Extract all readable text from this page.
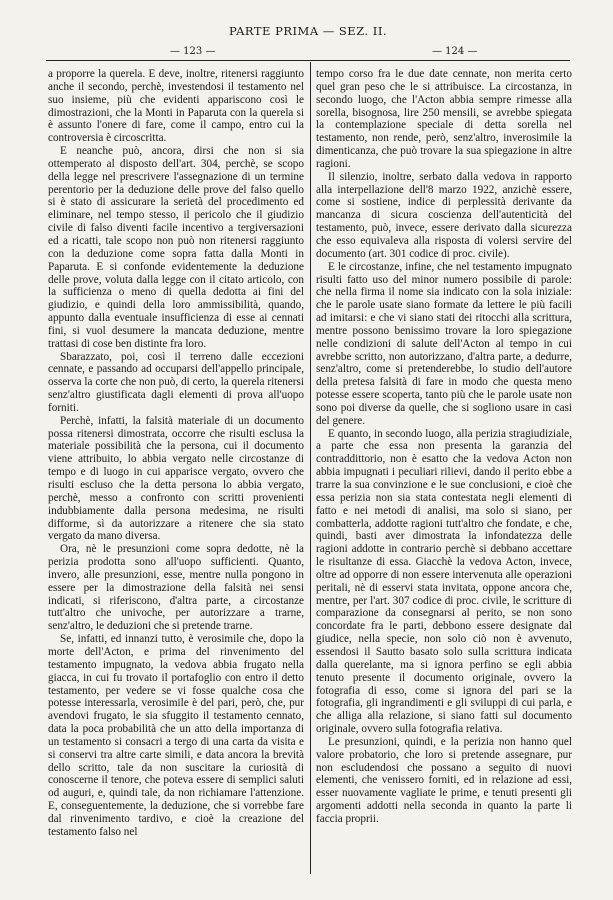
PARTE PRIMA — SEZ. II.
— 123 —	— 124 —

a proporre la querela. E deve, inoltre, ritenersi raggiunto anche il secondo, perchè, investendosi il testamento nel suo insieme, più che evidenti appariscono così le dimostrazioni, che la Monti in Paparuta con la querela si è assunto l'onere di fare, come il campo, entro cui la controversia è circoscritta.

E neanche può, ancora, dirsi che non si sia ottemperato al disposto dell'art. 304, perchè, se scopo della legge nel prescrivere l'assegnazione di un termine perentorio per la deduzione delle prove del falso quello si è stato di assicurare la serietà del procedimento ed eliminare, nel tempo stesso, il pericolo che il giudizio civile di falso diventi facile incentivo a tergiversazioni ed a ricatti, tale scopo non può non ritenersi raggiunto con la deduzione come sopra fatta dalla Monti in Paparuta. E si confonde evidentemente la deduzione delle prove, voluta dalla legge con il citato articolo, con la sufficienza o meno di quella dedotta ai fini del giudizio, e quindi della loro ammissibilità, quando, appunto dalla eventuale insufficienza di esse ai cennati fini, si vuol desumere la mancata deduzione, mentre trattasi di cose ben distinte fra loro.

Sbarazzato, poi, così il terreno dalle eccezioni cennate, e passando ad occuparsi dell'appello principale, osserva la corte che non può, di certo, la querela ritenersi senz'altro giustificata dagli elementi di prova all'uopo forniti.

Perchè, infatti, la falsità materiale di un documento possa ritenersi dimostrata, occorre che risulti esclusa la materiale possibilità che la persona, cui il documento viene attribuito, lo abbia vergato nelle circostanze di tempo e di luogo in cui apparisce vergato, ovvero che risulti escluso che la detta persona lo abbia vergato, perchè, messo a confronto con scritti provenienti indubbiamente dalla persona medesima, ne risulti difforme, sì da autorizzare a ritenere che sia stato vergato da mano diversa.

Ora, nè le presunzioni come sopra dedotte, nè la perizia prodotta sono all'uopo sufficienti. Quanto, invero, alle presunzioni, esse, mentre nulla pongono in essere per la dimostrazione della falsità nei sensi indicati, si riferiscono, d'altra parte, a circostanze tutt'altro che univoche, per autorizzare a trarne, senz'altro, le deduzioni che si pretende trarne.

Se, infatti, ed innanzi tutto, è verosimile che, dopo la morte dell'Acton, e prima del rinvenimento del testamento impugnato, la vedova abbia frugato nella giacca, in cui fu trovato il portafoglio con entro il detto testamento, per vedere se vi fosse qualche cosa che potesse interessarla, verosimile è del pari, però, che, pur avendovi frugato, le sia sfuggito il testamento cennato, data la poca probabilità che un atto della importanza di un testamento si consacri a tergo di una carta da visita e si conservi tra altre carte simili, e data ancora la brevità dello scritto, tale da non suscitare la curiosità di conoscerne il tenore, che poteva essere di semplici saluti od auguri, e, quindi tale, da non richiamare l'attenzione. E, conseguentemente, la deduzione, che si vorrebbe fare dal rinvenimento tardivo, e cioè la creazione del testamento falso nel

tempo corso fra le due date cennate, non merita certo quel gran peso che le si attribuisce. La circostanza, in secondo luogo, che l'Acton abbia sempre rimesse alla sorella, bisognosa, lire 250 mensili, se avrebbe spiegata la contemplazione speciale di detta sorella nel testamento, non rende, però, senz'altro, inverosimile la dimenticanza, che può trovare la sua spiegazione in altre ragioni.

Il silenzio, inoltre, serbato dalla vedova in rapporto alla interpellazione dell'8 marzo 1922, anzichè essere, come si sostiene, indice di perplessità derivante da mancanza di sicura coscienza dell'autenticità del testamento, può, invece, essere derivato dalla sicurezza che esso equivaleva alla risposta di volersi servire del documento (art. 301 codice di proc. civile).

E le circostanze, infine, che nel testamento impugnato risulti fatto uso del minor numero possibile di parole: che nella firma il nome sia indicato con la sola iniziale: che le parole usate siano formate da lettere le più facili ad imitarsi: e che vi siano stati dei ritocchi alla scrittura, mentre possono benissimo trovare la loro spiegazione nelle condizioni di salute dell'Acton al tempo in cui avrebbe scritto, non autorizzano, d'altra parte, a dedurre, senz'altro, come si pretenderebbe, lo studio dell'autore della pretesa falsità di fare in modo che questa meno potesse essere scoperta, tanto più che le parole usate non sono poi diverse da quelle, che si sogliono usare in casi del genere.

E quanto, in secondo luogo, alla perizia stragiudiziale, a parte che essa non presenta la garanzia del contraddittorio, non è esatto che la vedova Acton non abbia impugnati i peculiari rilievi, dando il perito ebbe a trarre la sua convinzione e le sue conclusioni, e cioè che essa perizia non sia stata contestata negli elementi di fatto e nei metodi di analisi, ma solo si siano, per combatterla, addotte ragioni tutt'altro che fondate, e che, quindi, basti aver dimostrata la infondatezza delle ragioni addotte in contrario perchè si debbano accettare le risultanze di essa. Giacchè la vedova Acton, invece, oltre ad opporre di non essere intervenuta alle operazioni peritali, nè di esservi stata invitata, oppone ancora che, mentre, per l'art. 307 codice di proc. civile, le scritture di comparazione da consegnarsi al perito, se non sono concordate fra le parti, debbono essere designate dal giudice, nella specie, non solo ciò non è avvenuto, essendosi il Sautto basato solo sulla scrittura indicata dalla querelante, ma si ignora perfino se egli abbia tenuto presente il documento originale, ovvero la fotografia di esso, come si ignora del pari se la fotografia, gli ingrandimenti e gli sviluppi di cui parla, e che alliga alla relazione, si siano fatti sul documento originale, ovvero sulla fotografia relativa.

Le presunzioni, quindi, e la perizia non hanno quel valore probatorio, che loro si pretende assegnare, pur non escludendosi che possano a seguito di nuovi elementi, che venissero forniti, ed in relazione ad essi, esser nuovamente vagliate le prime, e tenuti presenti gli argomenti addotti nella seconda in quanto la parte li faccia proprii.
